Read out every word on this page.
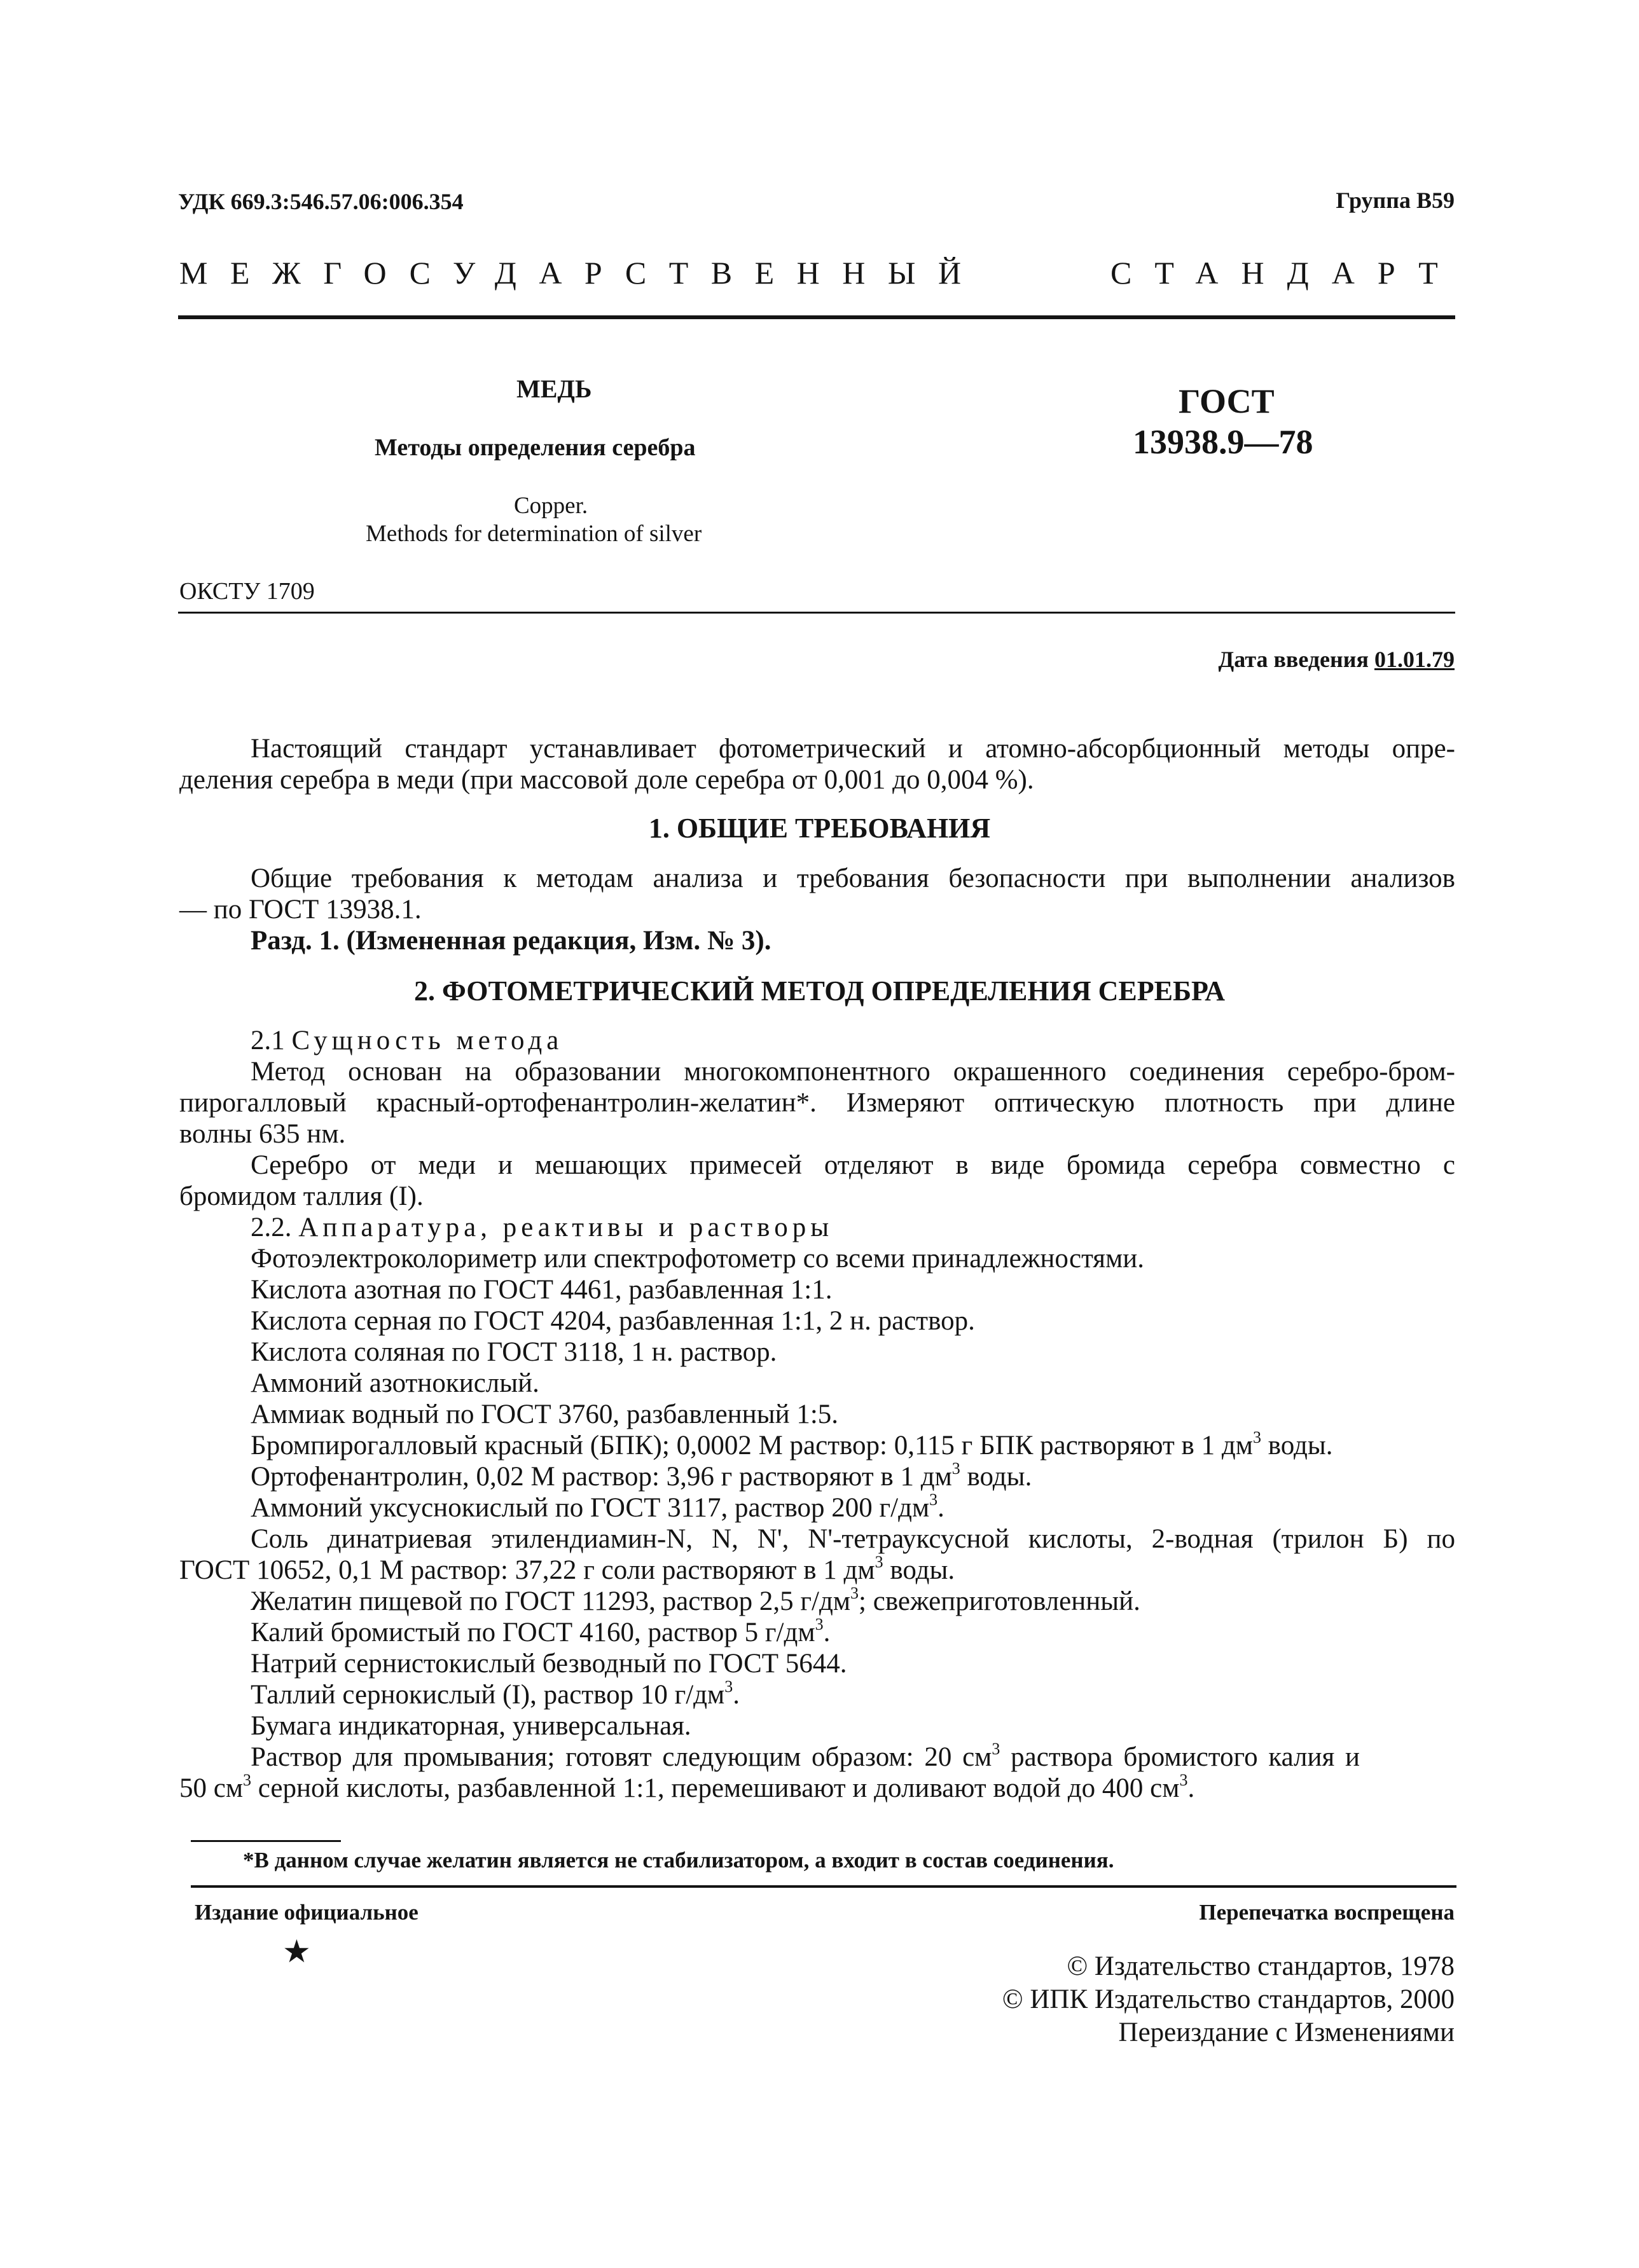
УДК 669.3:546.57.06:006.354	Группа В59
МЕЖГОСУДАРСТВЕННЫЙ	СТАНДАРТ
МЕДЬ
Методы определения серебра
Copper.
Methods for determination of silver
ГОСТ
13938.9—78
ОКСТУ 1709
Дата введения 01.01.79
Настоящий стандарт устанавливает фотометрический и атомно-абсорбционный методы опре-
деления серебра в меди (при массовой доле серебра от 0,001 до 0,004 %).
1. ОБЩИЕ ТРЕБОВАНИЯ
Общие требования к методам анализа и требования безопасности при выполнении анализов
— по ГОСТ 13938.1.
Разд. 1. (Измененная редакция, Изм. № 3).
2. ФОТОМЕТРИЧЕСКИЙ МЕТОД ОПРЕДЕЛЕНИЯ СЕРЕБРА
2.1 Сущность метода
Метод основан на образовании многокомпонентного окрашенного соединения серебро-бром-
пирогалловый красный-ортофенантролин-желатин*. Измеряют оптическую плотность при длине
волны 635 нм.
Серебро от меди и мешающих примесей отделяют в виде бромида серебра совместно с
бромидом таллия (I).
2.2. Аппаратура, реактивы и растворы
Фотоэлектроколориметр или спектрофотометр со всеми принадлежностями.
Кислота азотная по ГОСТ 4461, разбавленная 1:1.
Кислота серная по ГОСТ 4204, разбавленная 1:1, 2 н. раствор.
Кислота соляная по ГОСТ 3118, 1 н. раствор.
Аммоний азотнокислый.
Аммиак водный по ГОСТ 3760, разбавленный 1:5.
Бромпирогалловый красный (БПК); 0,0002 М раствор: 0,115 г БПК растворяют в 1 $дм^3$ воды.
Ортофенантролин, 0,02 М раствор: 3,96 г растворяют в 1 $дм^3$ воды.
Аммоний уксуснокислый по ГОСТ 3117, раствор 200 $г/дм^3$.
Соль динатриевая этилендиамин-N, N, N', N'-тетрауксусной кислоты, 2-водная (трилон Б) по
ГОСТ 10652, 0,1 М раствор: 37,22 г соли растворяют в 1 $дм^3$ воды.
Желатин пищевой по ГОСТ 11293, раствор 2,5 $г/дм^3$; свежеприготовленный.
Калий бромистый по ГОСТ 4160, раствор 5 $г/дм^3$.
Натрий сернистокислый безводный по ГОСТ 5644.
Таллий сернокислый (I), раствор 10 $г/дм^3$.
Бумага индикаторная, универсальная.
Раствор для промывания; готовят следующим образом: 20 $см^3$ раствора бромистого калия и
50 $см^3$ серной кислоты, разбавленной 1:1, перемешивают и доливают водой до 400 $см^3$.
*В данном случае желатин является не стабилизатором, а входит в состав соединения.
Издание официальное
★
Перепечатка воспрещена
© Издательство стандартов, 1978
© ИПК Издательство стандартов, 2000
Переиздание с Изменениями
